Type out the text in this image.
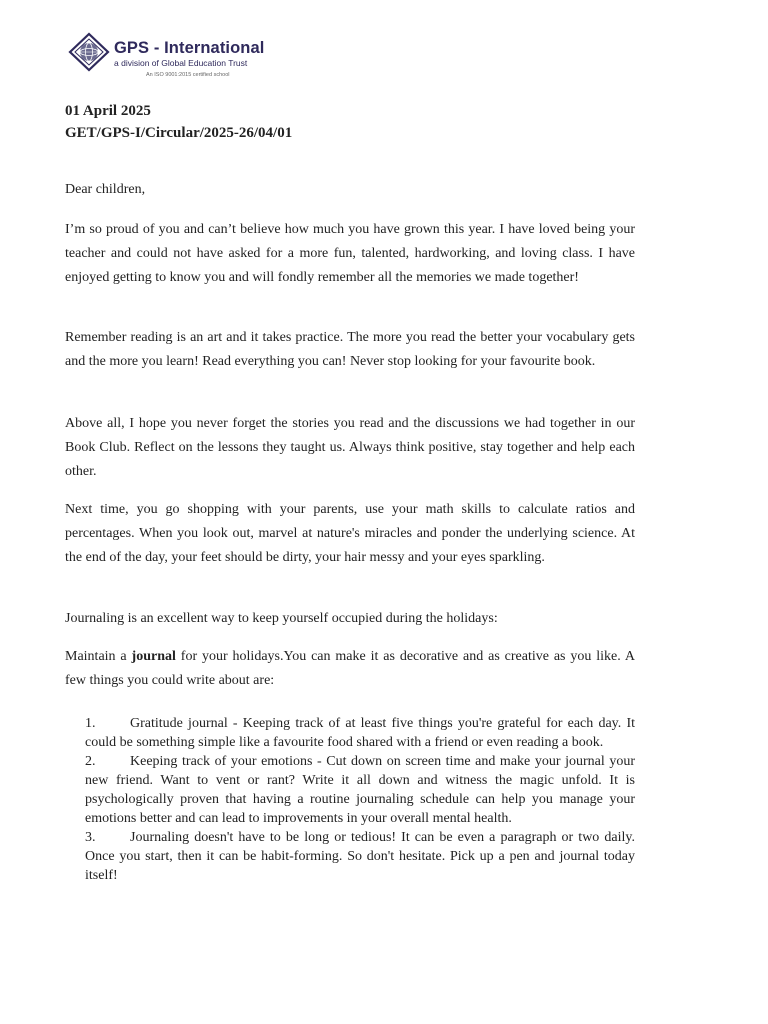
GPS - International
a division of Global Education Trust
An ISO 9001:2015 certified school
01 April 2025
GET/GPS-I/Circular/2025-26/04/01
Dear children,

I’m so proud of you and can’t believe how much you have grown this year. I have loved being your teacher and could not have asked for a more fun, talented, hardworking, and loving class. I have enjoyed getting to know you and will fondly remember all the memories we made together!

Remember reading is an art and it takes practice. The more you read the better your vocabulary gets and the more you learn! Read everything you can! Never stop looking for your favourite book.

Above all, I hope you never forget the stories you read and the discussions we had together in our Book Club. Reflect on the lessons they taught us. Always think positive, stay together and help each other.

Next time, you go shopping with your parents, use your math skills to calculate ratios and percentages. When you look out, marvel at nature's miracles and ponder the underlying science. At the end of the day, your feet should be dirty, your hair messy and your eyes sparkling.

Journaling is an excellent way to keep yourself occupied during the holidays:

Maintain a journal for your holidays.You can make it as decorative and as creative as you like. A few things you could write about are:

1. Gratitude journal - Keeping track of at least five things you're grateful for each day. It could be something simple like a favourite food shared with a friend or even reading a book.
2. Keeping track of your emotions - Cut down on screen time and make your journal your new friend. Want to vent or rant? Write it all down and witness the magic unfold. It is psychologically proven that having a routine journaling schedule can help you manage your emotions better and can lead to improvements in your overall mental health.
3. Journaling doesn't have to be long or tedious! It can be even a paragraph or two daily. Once you start, then it can be habit-forming. So don't hesitate. Pick up a pen and journal today itself!
